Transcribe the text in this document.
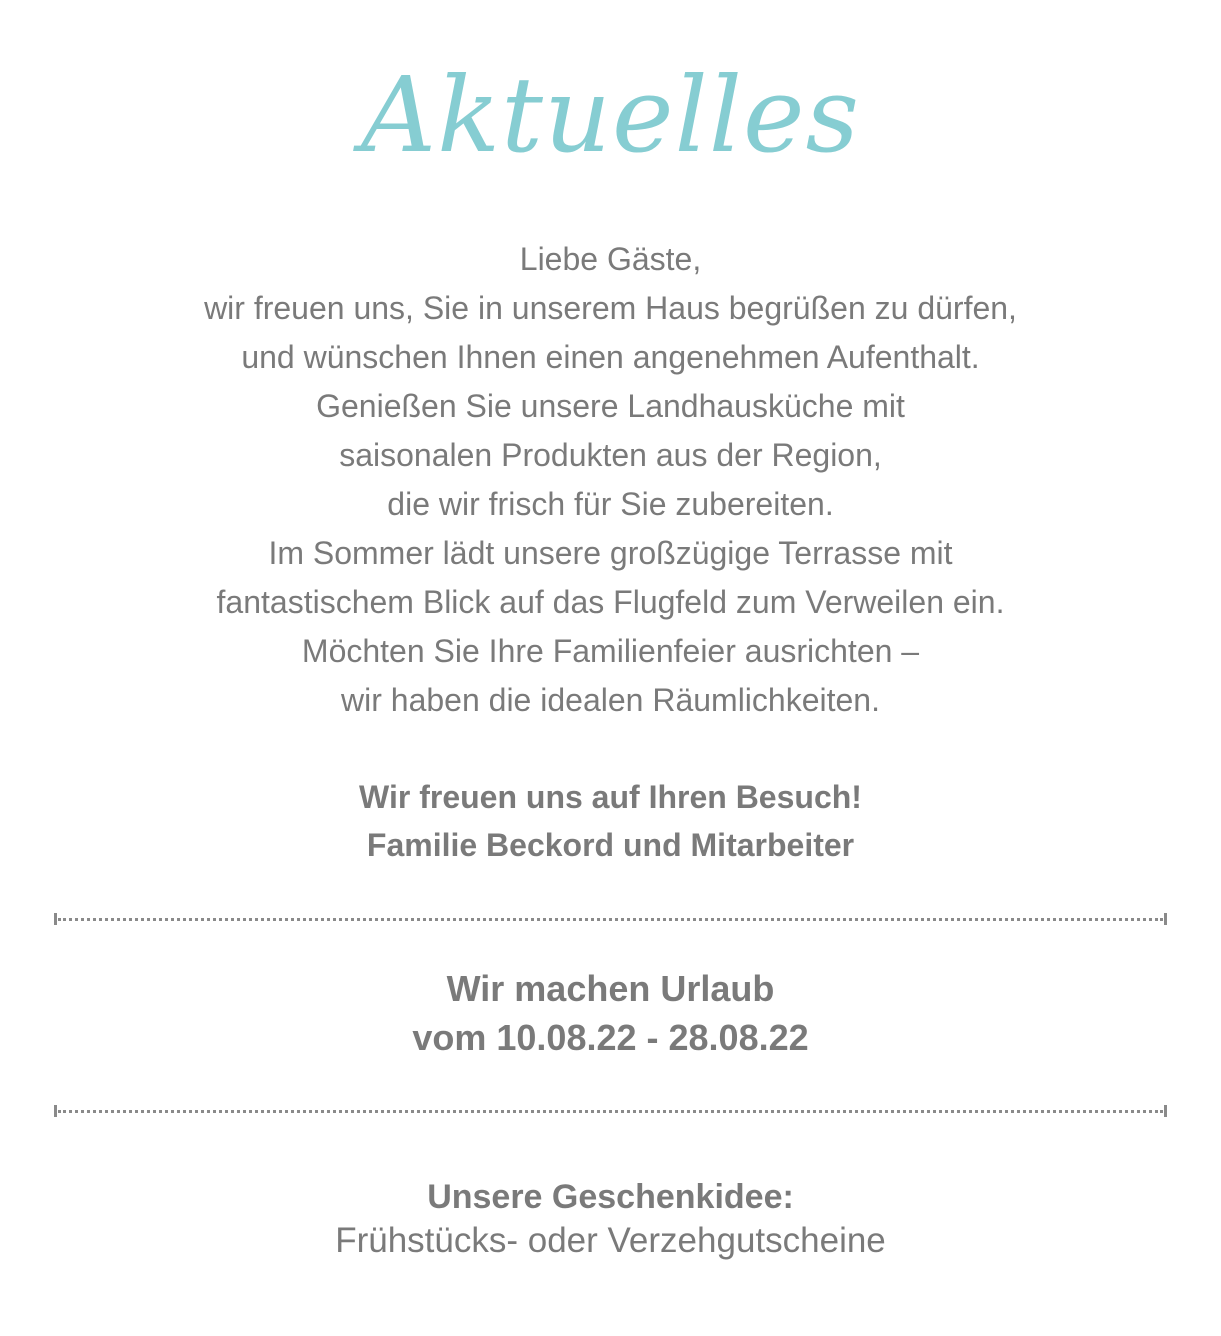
Aktuelles
Liebe Gäste,
wir freuen uns, Sie in unserem Haus begrüßen zu dürfen,
und wünschen Ihnen einen angenehmen Aufenthalt.
Genießen Sie unsere Landhausküche mit
saisonalen Produkten aus der Region,
die wir frisch für Sie zubereiten.
Im Sommer lädt unsere großzügige Terrasse mit
fantastischem Blick auf das Flugfeld zum Verweilen ein.
Möchten Sie Ihre Familienfeier ausrichten –
wir haben die idealen Räumlichkeiten.
Wir freuen uns auf Ihren Besuch!
Familie Beckord und Mitarbeiter
Wir machen Urlaub
vom 10.08.22 - 28.08.22
Unsere Geschenkidee:
Frühstücks- oder Verzehgutscheine
